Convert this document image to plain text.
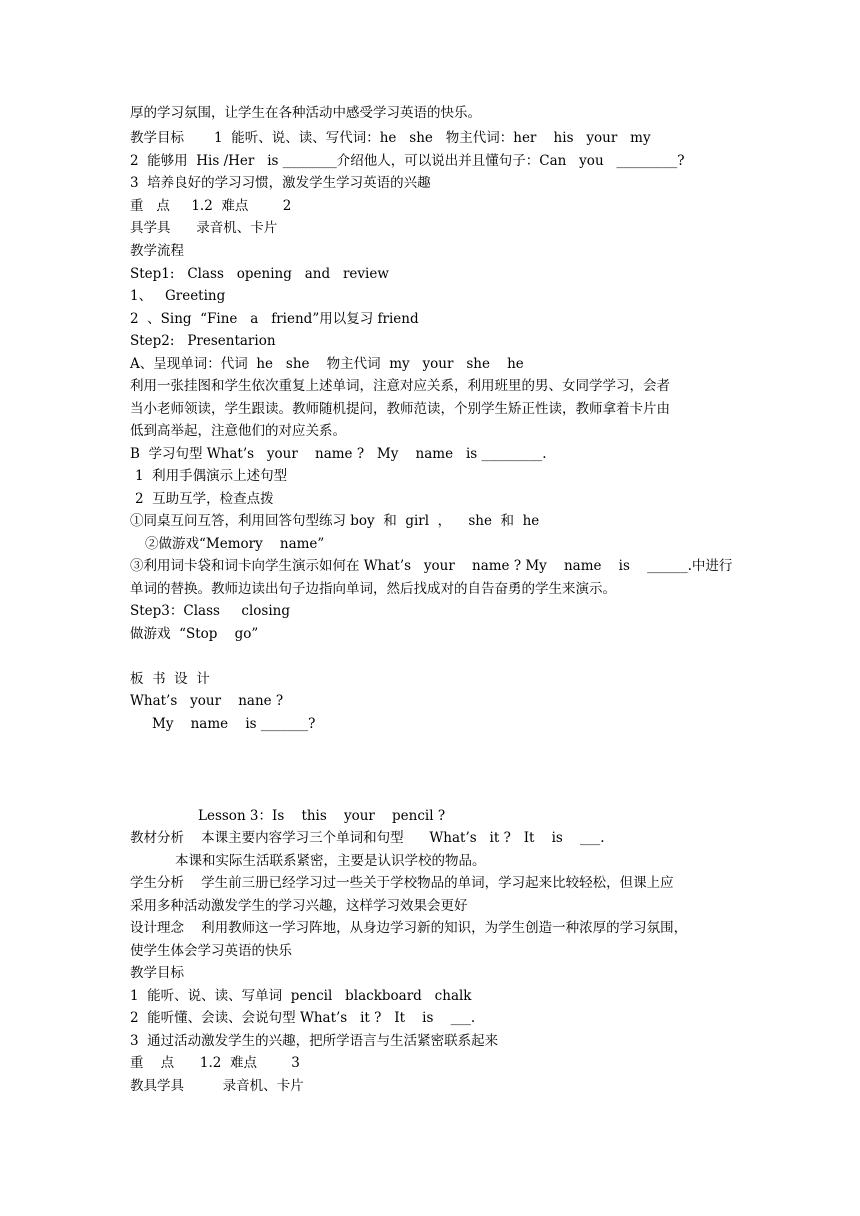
厚的学习氛围，让学生在各种活动中感受学习英语的快乐。
教学目标       1  能听、说、读、写代词：he   she   物主代词：her    his   your   my
2  能够用  His /Her   is ________介绍他人，可以说出并且懂句子：Can   you   _________?
3  培养良好的学习习惯，激发学生学习英语的兴趣
重   点     1.2  难点        2
具学具      录音机、卡片
教学流程
Step1:   Class   opening   and   review
1、   Greeting
2  、Sing  “Fine   a   friend”用以复习 friend
Step2:   Presentarion
A、呈现单词：代词  he   she    物主代词  my   your   she    he
利用一张挂图和学生依次重复上述单词，注意对应关系，利用班里的男、女同学学习，会者
当小老师领读，学生跟读。教师随机提问，教师范读，个别学生矫正性读，教师拿着卡片由
低到高举起，注意他们的对应关系。
B  学习句型 What’s   your    name ?   My    name   is _________.
1  利用手偶演示上述句型
2  互助互学，检查点拨
①同桌互问互答，利用回答句型练习 boy  和  girl  ，    she  和  he
②做游戏“Memory    name”
③利用词卡袋和词卡向学生演示如何在 What’s   your    name ? My    name    is    ______.中进行
单词的替换。教师边读出句子边指向单词，然后找成对的自告奋勇的学生来演示。
Step3：Class     closing
做游戏  “Stop    go”
板  书  设  计
What’s   your    nane ?
My    name    is _______?
Lesson 3：Is    this    your    pencil ?
教材分析    本课主要内容学习三个单词和句型      What’s   it ?   It    is    ___.
本课和实际生活联系紧密，主要是认识学校的物品。
学生分析    学生前三册已经学习过一些关于学校物品的单词，学习起来比较轻松，但课上应
采用多种活动激发学生的学习兴趣，这样学习效果会更好
设计理念    利用教师这一学习阵地，从身边学习新的知识，为学生创造一种浓厚的学习氛围，
使学生体会学习英语的快乐
教学目标
1  能听、说、读、写单词  pencil   blackboard   chalk
2  能听懂、会读、会说句型 What’s   it ?   It    is    ___.
3  通过活动激发学生的兴趣，把所学语言与生活紧密联系起来
重    点      1.2  难点        3
教具学具         录音机、卡片
